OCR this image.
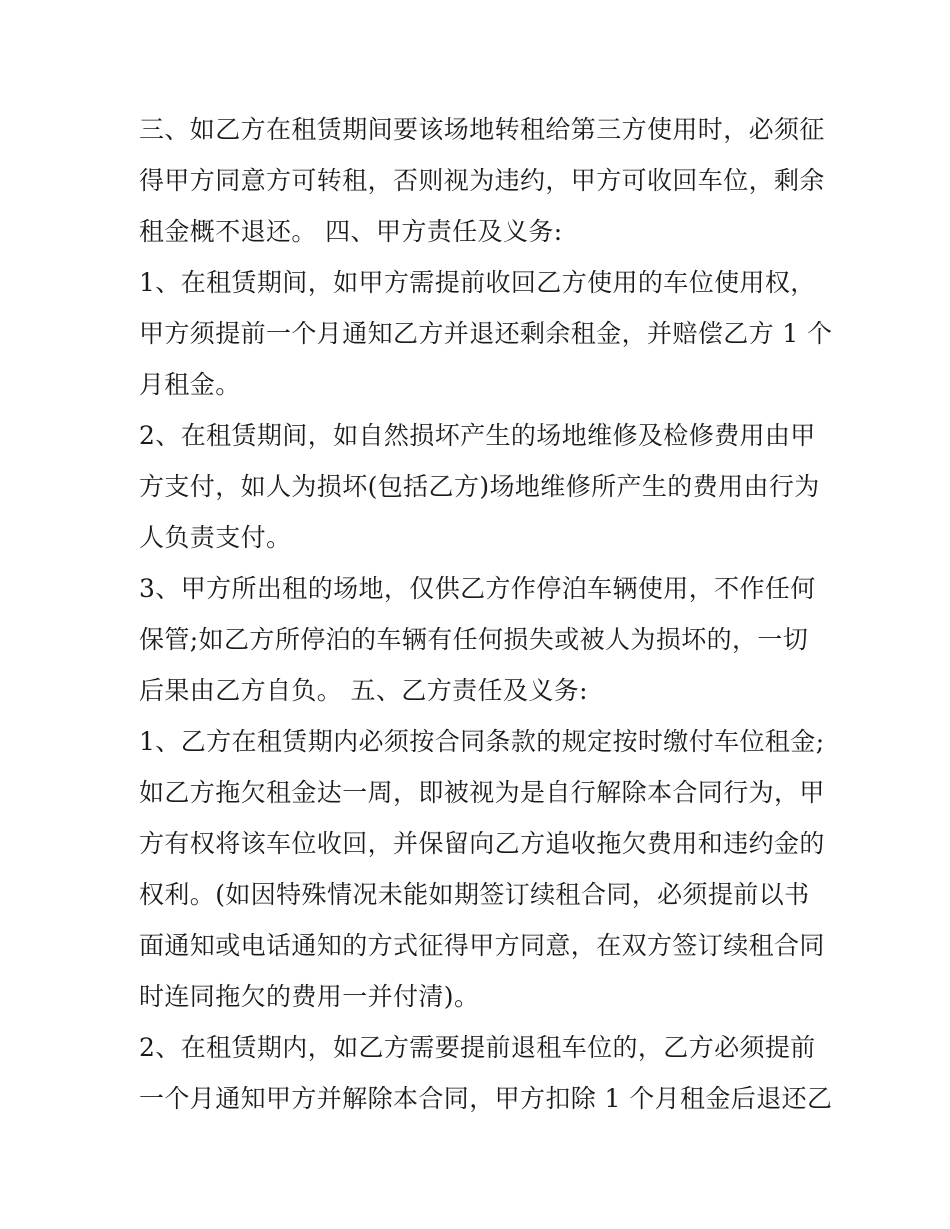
三、如乙方在租赁期间要该场地转租给第三方使用时，必须征
得甲方同意方可转租，否则视为违约，甲方可收回车位，剩余
租金概不退还。 四、甲方责任及义务:
1、在租赁期间，如甲方需提前收回乙方使用的车位使用权，
甲方须提前一个月通知乙方并退还剩余租金，并赔偿乙方 1 个
月租金。
2、在租赁期间，如自然损坏产生的场地维修及检修费用由甲
方支付，如人为损坏(包括乙方)场地维修所产生的费用由行为
人负责支付。
3、甲方所出租的场地，仅供乙方作停泊车辆使用，不作任何
保管;如乙方所停泊的车辆有任何损失或被人为损坏的，一切
后果由乙方自负。 五、乙方责任及义务:
1、乙方在租赁期内必须按合同条款的规定按时缴付车位租金;
如乙方拖欠租金达一周，即被视为是自行解除本合同行为，甲
方有权将该车位收回，并保留向乙方追收拖欠费用和违约金的
权利。(如因特殊情况未能如期签订续租合同，必须提前以书
面通知或电话通知的方式征得甲方同意，在双方签订续租合同
时连同拖欠的费用一并付清)。
2、在租赁期内，如乙方需要提前退租车位的，乙方必须提前
一个月通知甲方并解除本合同，甲方扣除 1 个月租金后退还乙
